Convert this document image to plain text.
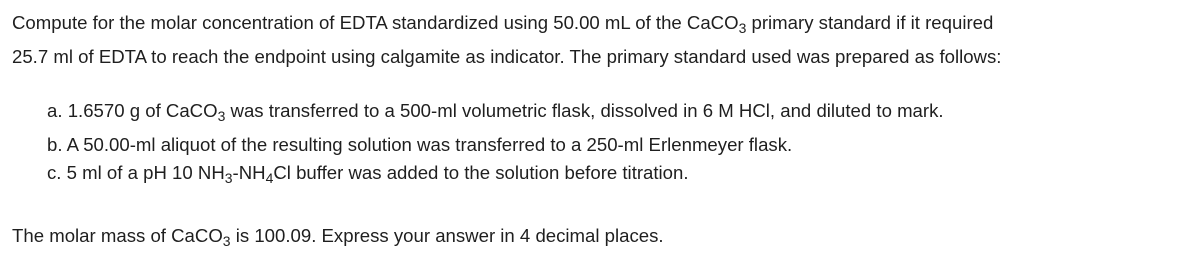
Compute for the molar concentration of EDTA standardized using 50.00 mL of the CaCO$_3$ primary standard if it required

25.7 ml of EDTA to reach the endpoint using calgamite as indicator. The primary standard used was prepared as follows:

a. 1.6570 g of CaCO$_3$ was transferred to a 500-ml volumetric flask, dissolved in 6 M HCl, and diluted to mark.

b. A 50.00-ml aliquot of the resulting solution was transferred to a 250-ml Erlenmeyer flask.

c. 5 ml of a pH 10 $NH_3-NH_4Cl$ buffer was added to the solution before titration.

The molar mass of CaCO$_3$ is 100.09. Express your answer in 4 decimal places.
